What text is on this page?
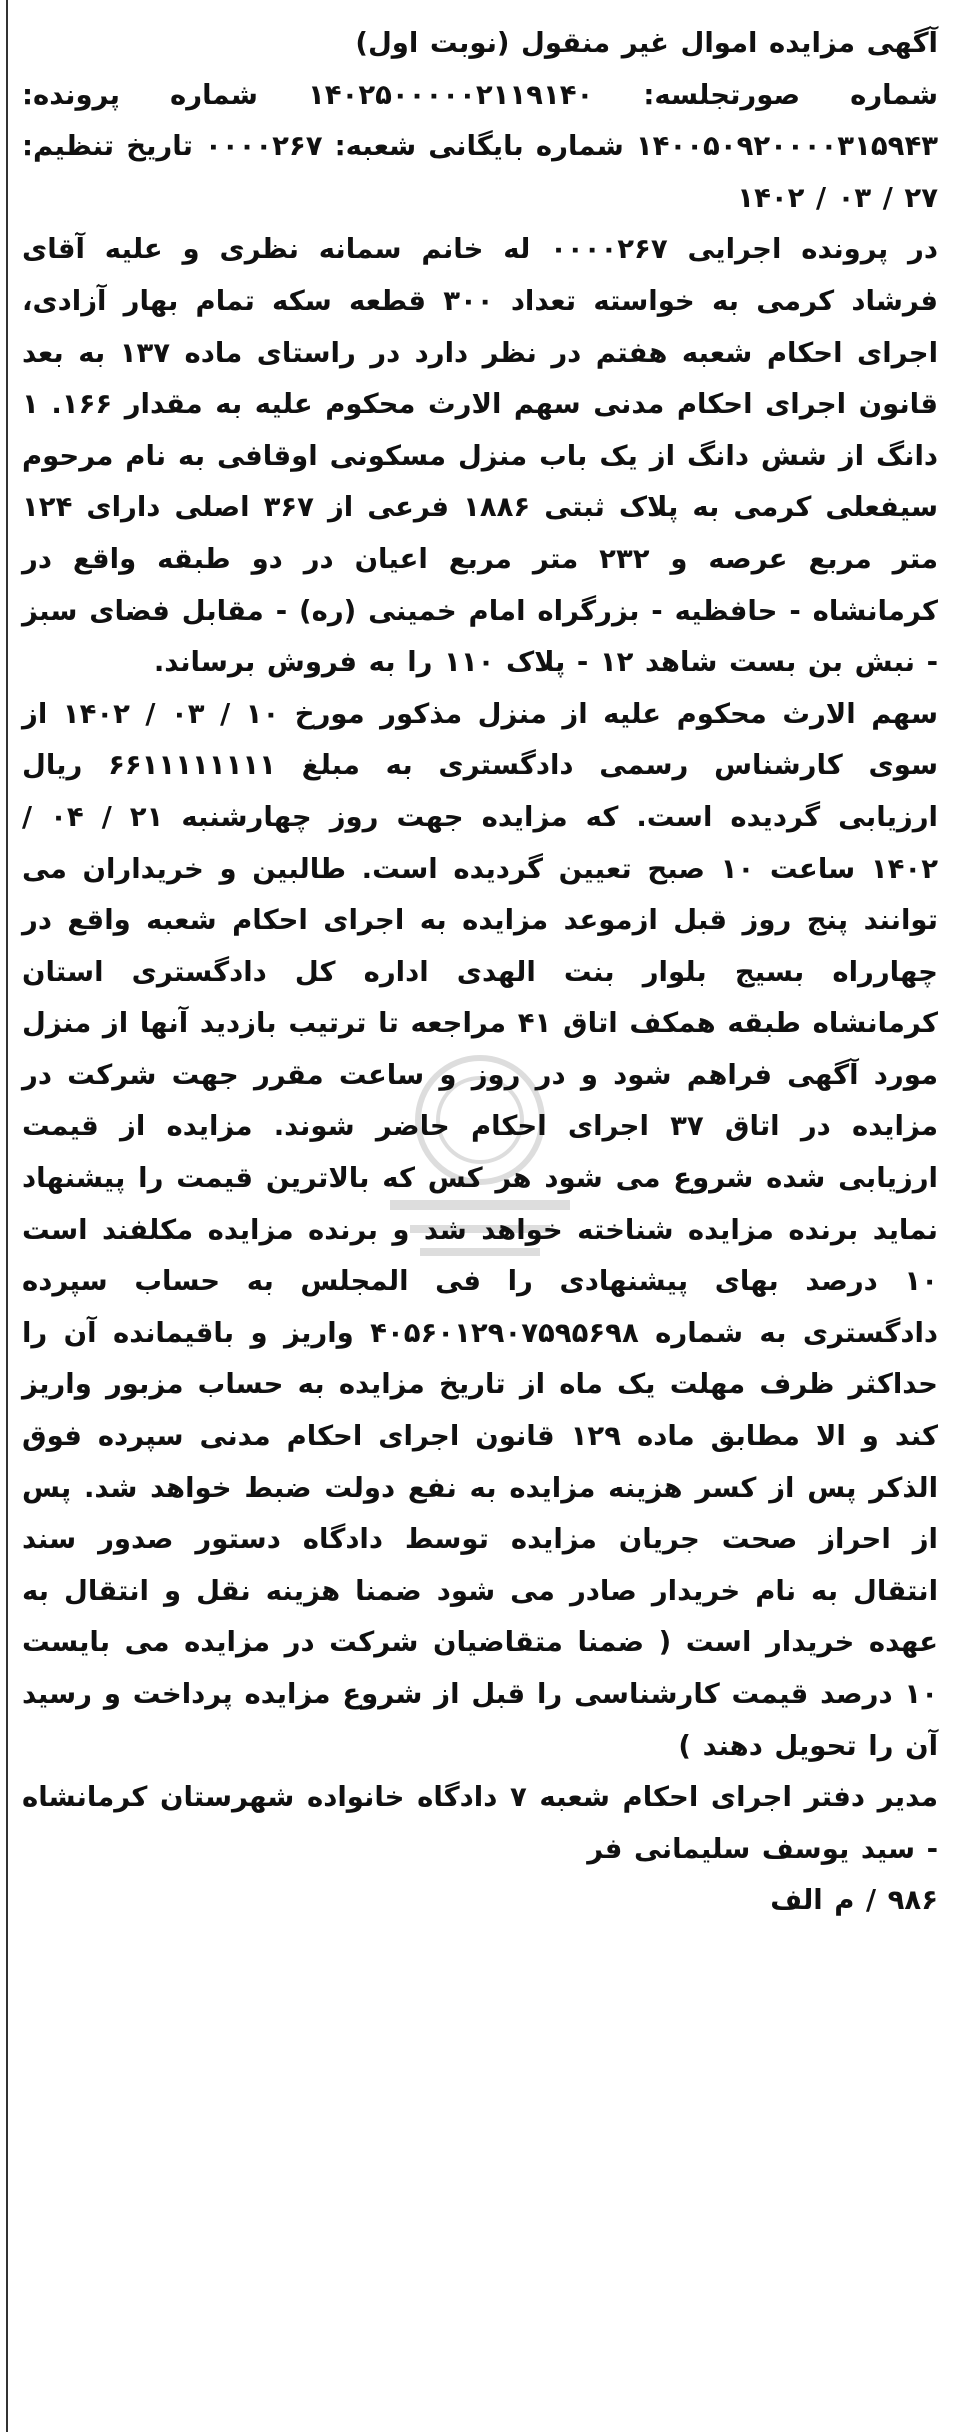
آگهی مزایده اموال غیر منقول (نوبت اول)

شماره صورتجلسه: ۱۴۰۲۵۰۰۰۰۰۲۱۱۹۱۴۰ شماره پرونده: ۱۴۰۰۵۰۹۲۰۰۰۰۳۱۵۹۴۳ شماره بایگانی شعبه: ۰۰۰۰۲۶۷ تاریخ تنظیم: ۲۷ / ۰۳ / ۱۴۰۲

در پرونده اجرایی ۰۰۰۰۲۶۷ له خانم سمانه نظری و علیه آقای فرشاد کرمی به خواسته تعداد ۳۰۰ قطعه سکه تمام بهار آزادی، اجرای احکام شعبه هفتم در نظر دارد در راستای ماده ۱۳۷ به بعد قانون اجرای احکام مدنی سهم الارث محکوم علیه به مقدار ۱۶۶. ۱ دانگ از شش دانگ از یک باب منزل مسکونی اوقافی به نام مرحوم سیفعلی کرمی به پلاک ثبتی ۱۸۸۶ فرعی از ۳۶۷ اصلی دارای ۱۲۴ متر مربع عرصه و ۲۳۲ متر مربع اعیان در دو طبقه واقع در کرمانشاه - حافظیه - بزرگراه امام خمینی (ره) - مقابل فضای سبز - نبش بن بست شاهد ۱۲ - پلاک ۱۱۰ را به فروش برساند.

سهم الارث محکوم علیه از منزل مذکور مورخ ۱۰ / ۰۳ / ۱۴۰۲ از سوی کارشناس رسمی دادگستری به مبلغ ۶۶۱۱۱۱۱۱۱۱ ریال ارزیابی گردیده است. که مزایده جهت روز چهارشنبه ۲۱ / ۰۴ / ۱۴۰۲ ساعت ۱۰ صبح تعیین گردیده است. طالبین و خریداران می توانند پنج روز قبل ازموعد مزایده به اجرای احکام شعبه واقع در چهارراه بسیج بلوار بنت الهدی اداره کل دادگستری استان کرمانشاه طبقه همکف اتاق ۴۱ مراجعه تا ترتیب بازدید آنها از منزل مورد آگهی فراهم شود و در روز و ساعت مقرر جهت شرکت در مزایده در اتاق ۳۷ اجرای احکام حاضر شوند. مزایده از قیمت ارزیابی شده شروع می شود هر کس که بالاترین قیمت را پیشنهاد نماید برنده مزایده شناخته خواهد شد و برنده مزایده مکلفند است ۱۰ درصد بهای پیشنهادی را فی المجلس به حساب سپرده دادگستری به شماره ۴۰۵۶۰۱۲۹۰۷۵۹۵۶۹۸ واریز و باقیمانده آن را حداکثر ظرف مهلت یک ماه از تاریخ مزایده به حساب مزبور واریز کند و الا مطابق ماده ۱۲۹ قانون اجرای احکام مدنی سپرده فوق الذکر پس از کسر هزینه مزایده به نفع دولت ضبط خواهد شد. پس از احراز صحت جریان مزایده توسط دادگاه دستور صدور سند انتقال به نام خریدار صادر می شود ضمنا هزینه نقل و انتقال به عهده خریدار است ( ضمنا متقاضیان شرکت در مزایده می بایست ۱۰ درصد قیمت کارشناسی را قبل از شروع مزایده پرداخت و رسید آن را تحویل دهند )

مدیر دفتر اجرای احکام شعبه ۷ دادگاه خانواده شهرستان کرمانشاه - سید یوسف سلیمانی فر

۹۸۶ / م الف
